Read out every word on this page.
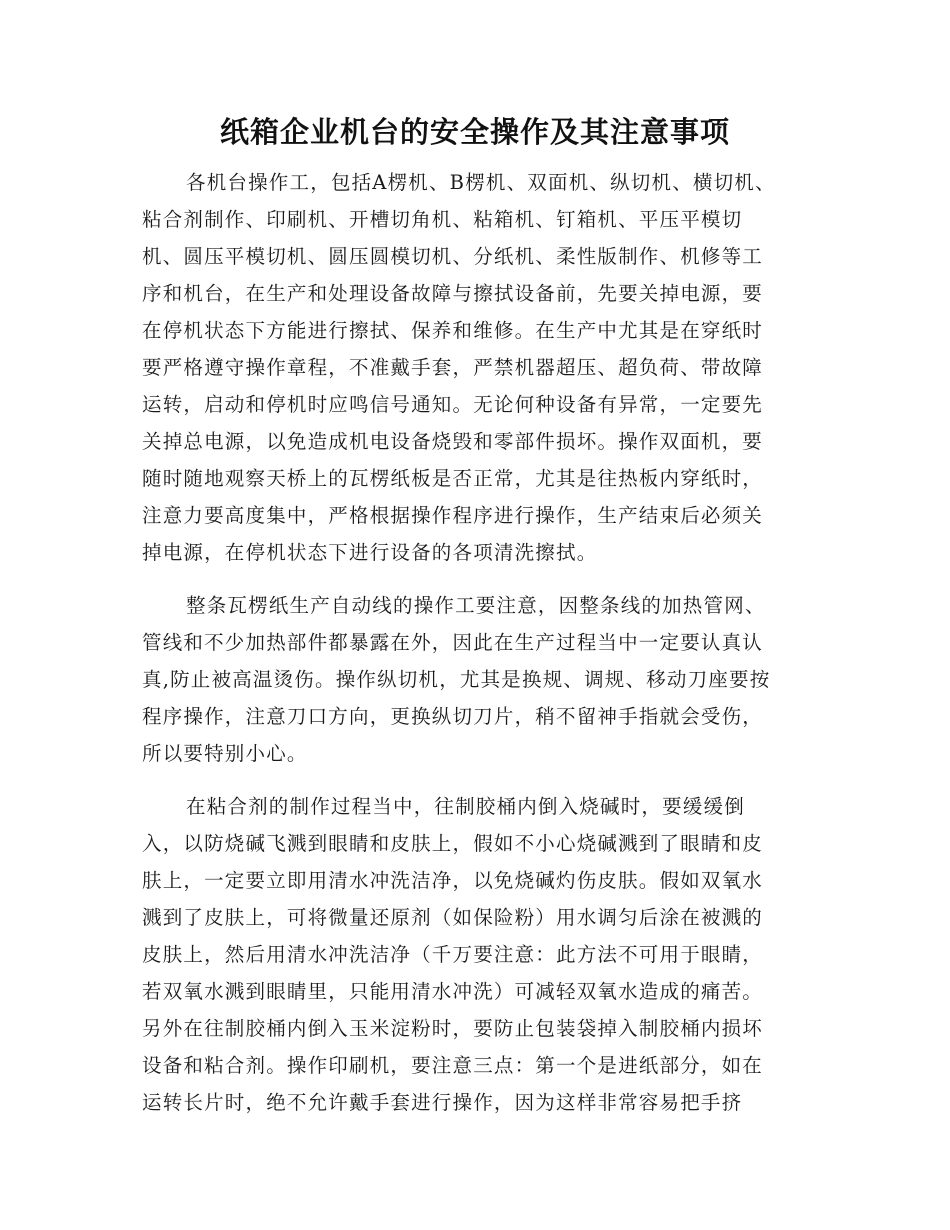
纸箱企业机台的安全操作及其注意事项
各机台操作工，包括A楞机、B楞机、双面机、纵切机、横切机、
粘合剂制作、印刷机、开槽切角机、粘箱机、钉箱机、平压平模切
机、圆压平模切机、圆压圆模切机、分纸机、柔性版制作、机修等工
序和机台，在生产和处理设备故障与擦拭设备前，先要关掉电源，要
在停机状态下方能进行擦拭、保养和维修。在生产中尤其是在穿纸时
要严格遵守操作章程，不准戴手套，严禁机器超压、超负荷、带故障
运转，启动和停机时应鸣信号通知。无论何种设备有异常，一定要先
关掉总电源，以免造成机电设备烧毁和零部件损坏。操作双面机，要
随时随地观察天桥上的瓦楞纸板是否正常，尤其是往热板内穿纸时，
注意力要高度集中，严格根据操作程序进行操作，生产结束后必须关
掉电源，在停机状态下进行设备的各项清洗擦拭。
整条瓦楞纸生产自动线的操作工要注意，因整条线的加热管网、
管线和不少加热部件都暴露在外，因此在生产过程当中一定要认真认
真,防止被高温烫伤。操作纵切机，尤其是换规、调规、移动刀座要按
程序操作，注意刀口方向，更换纵切刀片，稍不留神手指就会受伤，
所以要特别小心。
在粘合剂的制作过程当中，往制胶桶内倒入烧碱时，要缓缓倒
入，以防烧碱飞溅到眼睛和皮肤上，假如不小心烧碱溅到了眼睛和皮
肤上，一定要立即用清水冲洗洁净，以免烧碱灼伤皮肤。假如双氧水
溅到了皮肤上，可将微量还原剂（如保险粉）用水调匀后涂在被溅的
皮肤上，然后用清水冲洗洁净（千万要注意：此方法不可用于眼睛，
若双氧水溅到眼睛里，只能用清水冲洗）可减轻双氧水造成的痛苦。
另外在往制胶桶内倒入玉米淀粉时，要防止包装袋掉入制胶桶内损坏
设备和粘合剂。操作印刷机，要注意三点：第一个是进纸部分，如在
运转长片时，绝不允许戴手套进行操作，因为这样非常容易把手挤
